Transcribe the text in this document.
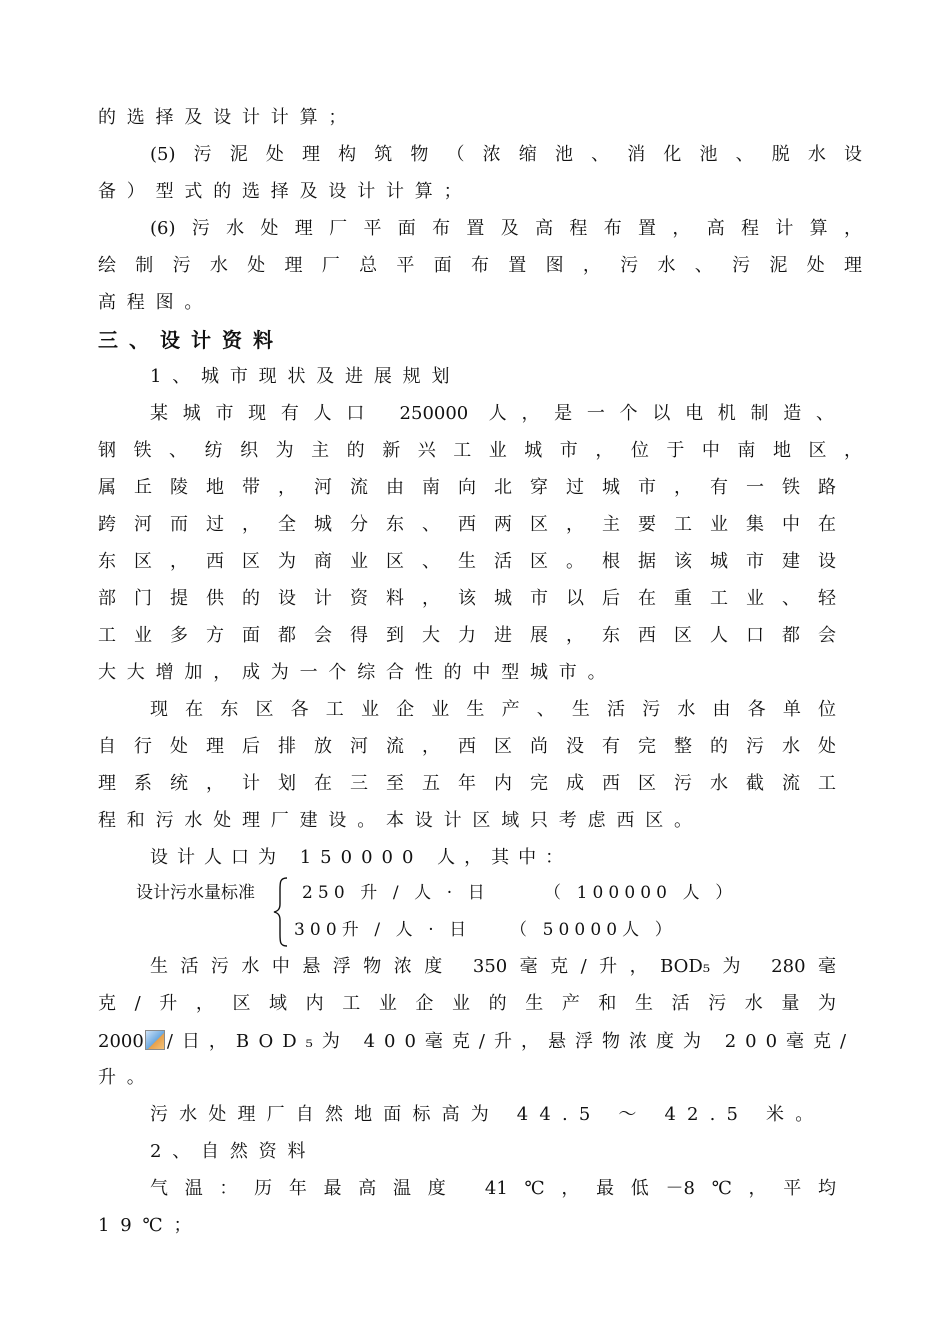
的选择及设计计算；
(5)污泥处理构筑物（浓缩池、消化池、脱水设
备）型式的选择及设计计算；
(6)污水处理厂平面布置及高程布置，高程计算，
绘制污水处理厂总平面布置图，污水、污泥处理
高程图。
三、设计资料
1、城市现状及进展规划
某城市现有人口 250000 人，是一个以电机制造、
钢铁、纺织为主的新兴工业城市，位于中南地区，
属丘陵地带，河流由南向北穿过城市，有一铁路
跨河而过，全城分东、西两区，主要工业集中在
东区，西区为商业区、生活区。根据该城市建设
部门提供的设计资料，该城市以后在重工业、轻
工业多方面都会得到大力进展，东西区人口都会
大大增加，成为一个综合性的中型城市。
现在东区各工业企业生产、生活污水由各单位
自行处理后排放河流，西区尚没有完整的污水处
理系统，计划在三至五年内完成西区污水截流工
程和污水处理厂建设。本设计区域只考虑西区。
设计人口为 150000 人，其中：
设计污水量标准	250 升 / 人 · 日	（ 100000 人 ）
300升 / 人 · 日 （ 50000人 ）
生活污水中悬浮物浓度 350毫克/升，BOD₅为 280毫
克/升，区域内工业企业的生产和生活污水量为
2000 /日，BOD₅为 400毫克/升，悬浮物浓度为 200毫克/
升。
污水处理厂自然地面标高为 44.5 ～ 42.5 米。
2、自然资料
气温：历年最高温度 41℃，最低－8℃，平均
19℃；
